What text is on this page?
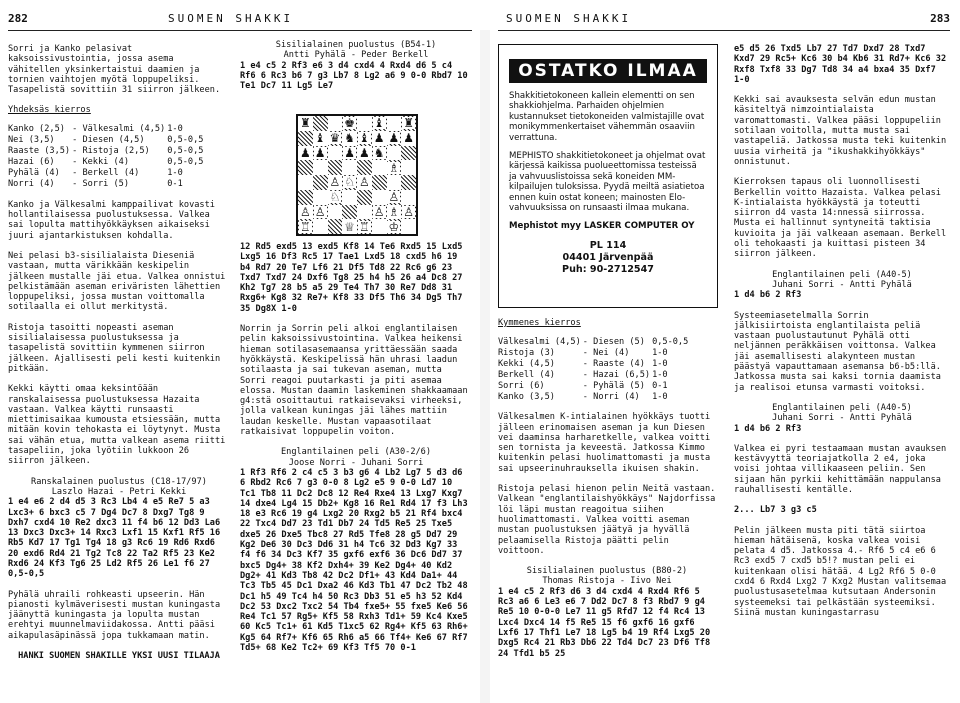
282	SUOMEN SHAKKI	SUOMEN SHAKKI	283

Sorri ja Kanko pelasivat kaksoissivustointia, jossa asema vähitellen yksinkertaistui daamien ja tornien vaihtojen myötä loppupeliksi. Tasapelistä sovittiin 31 siirron jälkeen.

Yhdeksäs kierros

Kanko (2,5)	- Välkesalmi (4,5)	1-0
Nei (3,5)	- Diesen (4,5)	0,5-0,5
Raaste (3,5)	- Ristoja (2,5)	0,5-0,5
Hazai (6)	- Kekki (4)	0,5-0,5
Pyhälä (4)	- Berkell (4)	1-0
Norri (4)	- Sorri (5)	0-1

Kanko ja Välkesalmi kamppailivat kovasti hollantilaisessa puolustuksessa. Valkea sai lopulta mattihyökkäyksen aikaiseksi juuri ajantarkistuksen kohdalla.

Nei pelasi b3-sisilialaista Dieseniä vastaan, mutta värikkään keskipelin jälkeen mustalle jäi etua. Valkea onnistui pelkistämään aseman eriväristen lähettien loppupeliksi, jossa mustan voittomalla sotilaalla ei ollut merkitystä.

Ristoja tasoitti nopeasti aseman sisilialaisessa puolustuksessa ja tasapelistä sovittiin kymmenen siirron jälkeen. Ajallisesti peli kesti kuitenkin pitkään.

Kekki käytti omaa keksintöään ranskalaisessa puolustuksessa Hazaita vastaan. Valkea käytti runsaasti miettimisaikaa kumousta etsiessään, mutta mitään kovin tehokasta ei löytynyt. Musta sai vähän etua, mutta valkean asema riitti tasapeliin, joka lyötiin lukkoon 26 siirron jälkeen.

Ranskalainen puolustus (C18-17/97)

Laszlo Hazai - Petri Kekki

1 e4 e6 2 d4 d5 3 Rc3 Lb4 4 e5 Re7 5 a3 Lxc3+ 6 bxc3 c5 7 Dg4 Dc7 8 Dxg7 Tg8 9 Dxh7 cxd4 10 Re2 dxc3 11 f4 b6 12 Dd3 La6 13 Dxc3 Dxc3+ 14 Rxc3 Lxf1 15 Kxf1 Rf5 16 Rb5 Kd7 17 Tg1 Tg4 18 g3 Rc6 19 Rd6 Rxd6 20 exd6 Rd4 21 Tg2 Tc8 22 Ta2 Rf5 23 Ke2 Rxd6 24 Kf3 Tg6 25 Ld2 Rf5 26 Le1 f6 27 0,5-0,5

Pyhälä uhraili rohkeasti upseerin. Hän pianosti kylmäverisesti mustan kuningasta jäänyttä kuningasta ja lopulta mustan erehtyi muunnelmaviidakossa. Antti pääsi aikapulasäpinässä jopa tukkamaan matin.

HANKI SUOMEN SHAKILLE YKSI UUSI TILAAJA

Sisilialainen puolustus (B54-1)

Antti Pyhälä - Peder Berkell

1 e4 c5 2 Rf3 e6 3 d4 cxd4 4 Rxd4 d6 5 c4 Rf6 6 Rc3 b6 7 g3 Lb7 8 Lg2 a6 9 0-0 Rbd7 10 Te1 Dc7 11 Lg5 Le7

♜	♚ ♝ ♜
♝ ♛ ♞ ♝ ♟ ♟ ♟
♟ ♟ ♟ ♟ ♞
♗
♙ ♘ ♙
♘	♙
♙ ♙	♙ ♗ ♙
♖	♕ ♖ ♔

12 Rd5 exd5 13 exd5 Kf8 14 Te6 Rxd5 15 Lxd5 Lxg5 16 Df3 Rc5 17 Tae1 Lxd5 18 cxd5 h6 19 b4 Rd7 20 Te7 Lf6 21 Df5 Td8 22 Rc6 g6 23 Txd7 Txd7 24 Dxf6 Tg8 25 h4 h5 26 a4 Dc8 27 Kh2 Tg7 28 b5 a5 29 Te4 Th7 30 Re7 Dd8 31 Rxg6+ Kg8 32 Re7+ Kf8 33 Df5 Th6 34 Dg5 Th7 35 Dg8X 1-0

Norrin ja Sorrin peli alkoi englantilaisen pelin kaksoissivustointina. Valkea heikensi hieman sotilasasemaansa yrittäessään saada hyökkäystä. Keskipelissä hän uhrasi laadun sotilaasta ja sai tukevan aseman, mutta Sorri reagoi puutarkasti ja piti asemaa elossa. Mustan daamin laskeminen shakkaamaan g4:stä osoittautui ratkaisevaksi virheeksi, jolla valkean kuningas jäi lähes mattiin laudan keskelle. Mustan vapaasotilaat ratkaisivat loppupelin voiton.

Englantilainen peli (A30-2/6)

Joose Norri - Juhani Sorri

1 Rf3 Rf6 2 c4 c5 3 b3 g6 4 Lb2 Lg7 5 d3 d6 6 Rbd2 Rc6 7 g3 0-0 8 Lg2 e5 9 0-0 Ld7 10 Tc1 Tb8 11 Dc2 Dc8 12 Re4 Rxe4 13 Lxg7 Kxg7 14 dxe4 Lg4 15 Db2+ Kg8 16 Re1 Rd4 17 f3 Lh3 18 e3 Rc6 19 g4 Lxg2 20 Rxg2 b5 21 Rf4 bxc4 22 Txc4 Dd7 23 Td1 Db7 24 Td5 Re5 25 Txe5 dxe5 26 Dxe5 Tbc8 27 Rd5 Tfe8 28 g5 Dd7 29 Kg2 De6 30 Dc3 Dd6 31 h4 Tc6 32 Dd3 Kg7 33 f4 f6 34 Dc3 Kf7 35 gxf6 exf6 36 Dc6 Dd7 37 bxc5 Dg4+ 38 Kf2 Dxh4+ 39 Ke2 Dg4+ 40 Kd2 Dg2+ 41 Kd3 Tb8 42 Dc2 Df1+ 43 Kd4 Da1+ 44 Tc3 Tb5 45 Dc1 Dxa2 46 Kd3 Tb1 47 Dc2 Tb2 48 Dc1 h5 49 Tc4 h4 50 Rc3 Db3 51 e5 h3 52 Kd4 Dc2 53 Dxc2 Txc2 54 Tb4 fxe5+ 55 fxe5 Ke6 56 Re4 Tc1 57 Rg5+ Kf5 58 Rxh3 Td1+ 59 Kc4 Kxe5 60 Kc5 Tc1+ 61 Kd5 T1xc5 62 Rg4+ Kf5 63 Rh6+ Kg5 64 Rf7+ Kf6 65 Rh6 a5 66 Tf4+ Ke6 67 Rf7 Td5+ 68 Ke2 Tc2+ 69 Kf3 Tf5 70 0-1

OSTATKO ILMAA
Shakkitietokoneen kallein elementti on sen shakkiohjelma. Parhaiden ohjelmien kustannukset tietokoneiden valmistajille ovat monikymmenkertaiset vähemmän osaaviin verrattuna.
MEPHISTO shakkitietokoneet ja ohjelmat ovat kärjessä kaikissa puolueettomissa testeissä ja vahvuuslistoissa sekä koneiden MM-kilpailujen tuloksissa. Pyydä meiltä asiatietoa ennen kuin ostat koneen; mainosten Elo-vahvuuksissa on runsaasti ilmaa mukana.
Mephistot myy LASKER COMPUTER OY
PL 114
04401 Järvenpää
Puh: 90-2712547

Kymmenes kierros

Välkesalmi (4,5)	- Diesen (5)	0,5-0,5
Ristoja (3)	- Nei (4)	1-0
Kekki (4,5)	- Raaste (4)	1-0
Berkell (4)	- Hazai (6,5)	1-0
Sorri (6)	- Pyhälä (5)	0-1
Kanko (3,5)	- Norri (4)	1-0

Välkesalmen K-intialainen hyökkäys tuotti jälleen erinomaisen aseman ja kun Diesen vei daaminsa harharetkelle, valkea voitti sen tornista ja keveestä. Jatkossa Kimmo kuitenkin pelasi huolimattomasti ja musta sai upseerinuhrauksella ikuisen shakin.

Ristoja pelasi hienon pelin Neitä vastaan. Valkean "englantilaishyökkäys" Najdorfissa löi läpi mustan reagoitua siihen huolimattomasti. Valkea voitti aseman mustan puolustuksen jäätyä ja hyvällä pelaamisella Ristoja päätti pelin voittoon.

Sisilialainen puolustus (B80-2)

Thomas Ristoja - Iivo Nei

1 e4 c5 2 Rf3 d6 3 d4 cxd4 4 Rxd4 Rf6 5 Rc3 a6 6 Le3 e6 7 Dd2 Dc7 8 f3 Rbd7 9 g4 Re5 10 0-0-0 Le7 11 g5 Rfd7 12 f4 Rc4 13 Lxc4 Dxc4 14 f5 Re5 15 f6 gxf6 16 gxf6 Lxf6 17 Thf1 Le7 18 Lg5 b4 19 Rf4 Lxg5 20 Dxg5 Rc4 21 Rb3 Db6 22 Td4 Dc7 23 Df6 Tf8 24 Tfd1 b5 25

e5 d5 26 Txd5 Lb7 27 Td7 Dxd7 28 Txd7 Kxd7 29 Rc5+ Kc6 30 b4 Kb6 31 Rd7+ Kc6 32 Rxf8 Txf8 33 Dg7 Td8 34 a4 bxa4 35 Dxf7 1-0

Kekki sai avauksesta selvän edun mustan käsiteltyä nimzointialaista varomattomasti. Valkea pääsi loppupeliin sotilaan voitolla, mutta musta sai vastapeliä. Jatkossa musta teki kuitenkin uusia virheitä ja "ikushakkihyökkäys" onnistunut.

Kierroksen tapaus oli luonnollisesti Berkellin voitto Hazaista. Valkea pelasi K-intialaista hyökkäystä ja toteutti siirron d4 vasta 14:nnessä siirrossa. Musta ei hallinnut syntyneitä taktisia kuvioita ja jäi valkeaan asemaan. Berkell oli tehokaasti ja kuittasi pisteen 34 siirron jälkeen.

Englantilainen peli (A40-5)

Juhani Sorri - Antti Pyhälä

1 d4 b6 2 Rf3

Systeemiasetelmalla Sorrin jälkisiirtoista englantilaista peliä vastaan puolustautunut Pyhälä otti neljännen peräkkäisen voittonsa. Valkea jäi asemallisesti alakynteen mustan päästyä vapauttamaan asemansa b6-b5:llä. Jatkossa musta sai kaksi tornia daamista ja realisoi etunsa varmasti voitoksi.

Englantilainen peli (A40-5)

Juhani Sorri - Antti Pyhälä

1 d4 b6 2 Rf3

Valkea ei pyri testaamaan mustan avauksen kestävyyttä teoriajatkolla 2 e4, joka voisi johtaa villikaaseen peliin. Sen sijaan hän pyrkii kehittämään nappulansa rauhallisesti kentälle.

2... Lb7 3 g3 c5

Pelin jälkeen musta piti tätä siirtoa hieman hätäisenä, koska valkea voisi pelata 4 d5. Jatkossa 4.- Rf6 5 c4 e6 6 Rc3 exd5 7 cxd5 b5!? mustan peli ei kuitenkaan olisi hätää. 4 Lg2 Rf6 5 0-0 cxd4 6 Rxd4 Lxg2 7 Kxg2 Mustan valitsemaa puolustusasetelmaa kutsutaan Andersonin systeemeksi tai pelkästään systeemiksi. Siinä mustan kuningastarrasu
